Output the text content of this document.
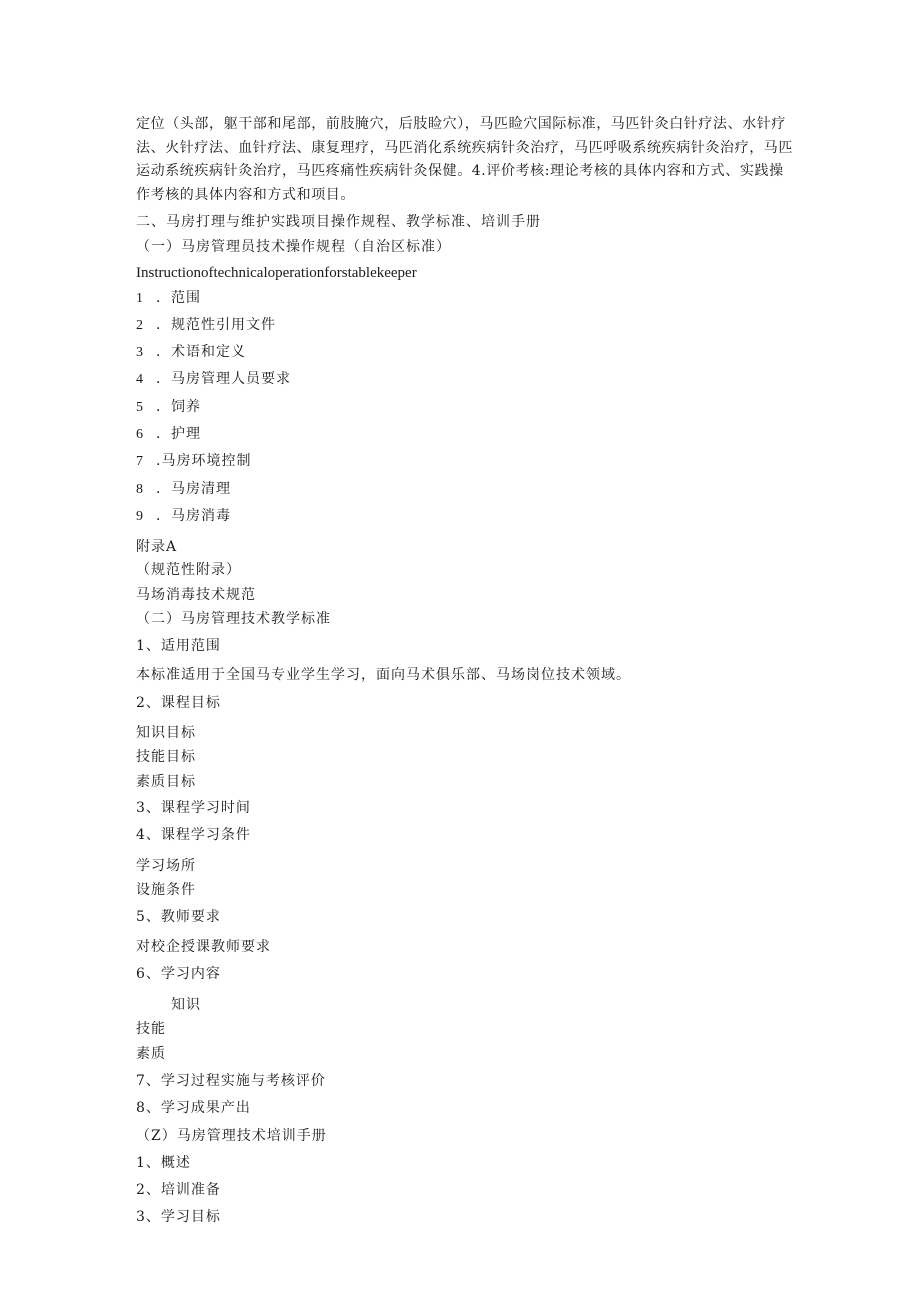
定位（头部，躯干部和尾部，前肢腌穴，后肢睑穴），马匹睑穴国际标准，马匹针灸白针疗法、水针疗法、火针疗法、血针疗法、康复理疗，马匹消化系统疾病针灸治疗，马匹呼吸系统疾病针灸治疗，马匹运动系统疾病针灸治疗，马匹疼痛性疾病针灸保健。4.评价考核:理论考核的具体内容和方式、实践操作考核的具体内容和方式和项目。
二、马房打理与维护实践项目操作规程、教学标准、培训手册
（一）马房管理员技术操作规程（自治区标准）
Instructionoftechnicaloperationforstablekeeper
1 ．范围
2 ．规范性引用文件
3 ．术语和定义
4 ．马房管理人员要求
5 ．饲养
6 ．护理
7 .马房环境控制
8 ．马房清理
9 ．马房消毒
附录A
（规范性附录）
马场消毒技术规范
（二）马房管理技术教学标准
1、适用范围
本标准适用于全国马专业学生学习，面向马术俱乐部、马场岗位技术领域。
2、课程目标
知识目标
技能目标
素质目标
3、课程学习时间
4、课程学习条件
学习场所
设施条件
5、教师要求
对校企授课教师要求
6、学习内容
知识
技能
素质
7、学习过程实施与考核评价
8、学习成果产出
（Z）马房管理技术培训手册
1、概述
2、培训准备
3、学习目标
